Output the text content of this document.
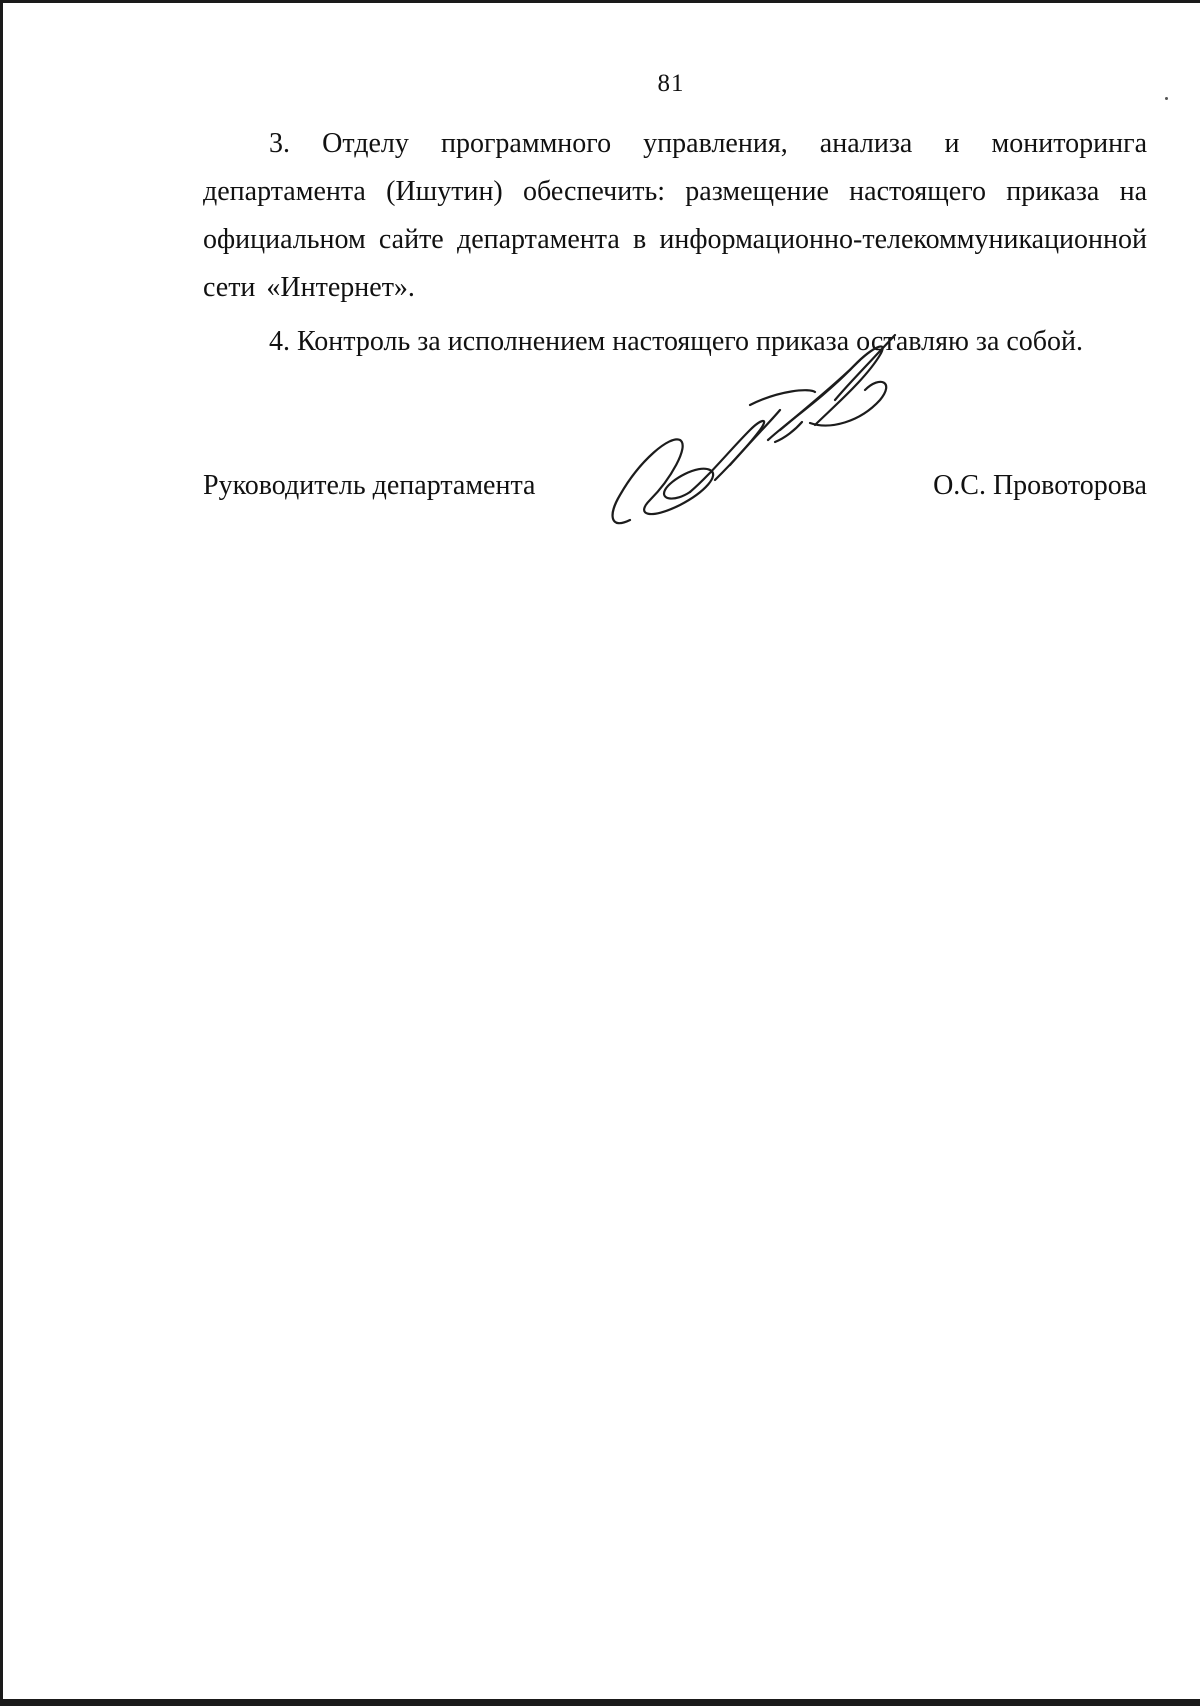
81
3. Отделу программного управления, анализа и мониторинга департамента (Ишутин) обеспечить: размещение настоящего приказа на официальном сайте департамента в информационно-телекоммуникационной сети «Интернет».
4. Контроль за исполнением настоящего приказа оставляю за собой.
Руководитель департамента	О.С. Провоторова
